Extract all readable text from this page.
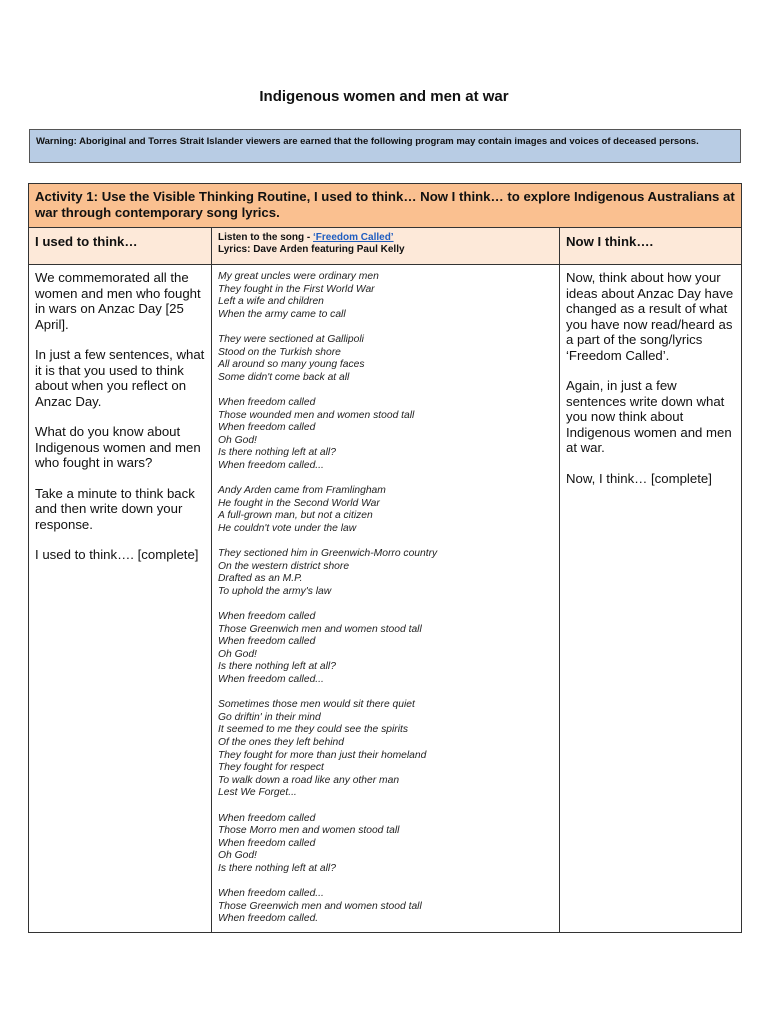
Indigenous women and men at war
Warning: Aboriginal and Torres Strait Islander viewers are earned that the following program may contain images and voices of deceased persons.
Activity 1: Use the Visible Thinking Routine, I used to think… Now I think… to explore Indigenous Australians at war through contemporary song lyrics.
I used to think…	Listen to the song - ‘Freedom Called’
Lyrics: Dave Arden featuring Paul Kelly
Now I think….

We commemorated all the women and men who fought in wars on Anzac Day [25 April].

In just a few sentences, what it is that you used to think about when you reflect on Anzac Day.

What do you know about Indigenous women and men who fought in wars?

Take a minute to think back and then write down your response.

I used to think…. [complete]

My great uncles were ordinary men
They fought in the First World War
Left a wife and children
When the army came to call
They were sectioned at Gallipoli
Stood on the Turkish shore
All around so many young faces
Some didn't come back at all
When freedom called
Those wounded men and women stood tall
When freedom called
Oh God!
Is there nothing left at all?
When freedom called...
Andy Arden came from Framlingham
He fought in the Second World War
A full-grown man, but not a citizen
He couldn't vote under the law
They sectioned him in Greenwich-Morro country
On the western district shore
Drafted as an M.P.
To uphold the army's law
When freedom called
Those Greenwich men and women stood tall
When freedom called
Oh God!
Is there nothing left at all?
When freedom called...
Sometimes those men would sit there quiet
Go driftin' in their mind
It seemed to me they could see the spirits
Of the ones they left behind
They fought for more than just their homeland
They fought for respect
To walk down a road like any other man
Lest We Forget...
When freedom called
Those Morro men and women stood tall
When freedom called
Oh God!
Is there nothing left at all?
When freedom called...
Those Greenwich men and women stood tall
When freedom called.

Now, think about how your ideas about Anzac Day have changed as a result of what you have now read/heard as a part of the song/lyrics ‘Freedom Called’.

Again, in just a few sentences write down what you now think about Indigenous women and men at war.

Now, I think… [complete]
